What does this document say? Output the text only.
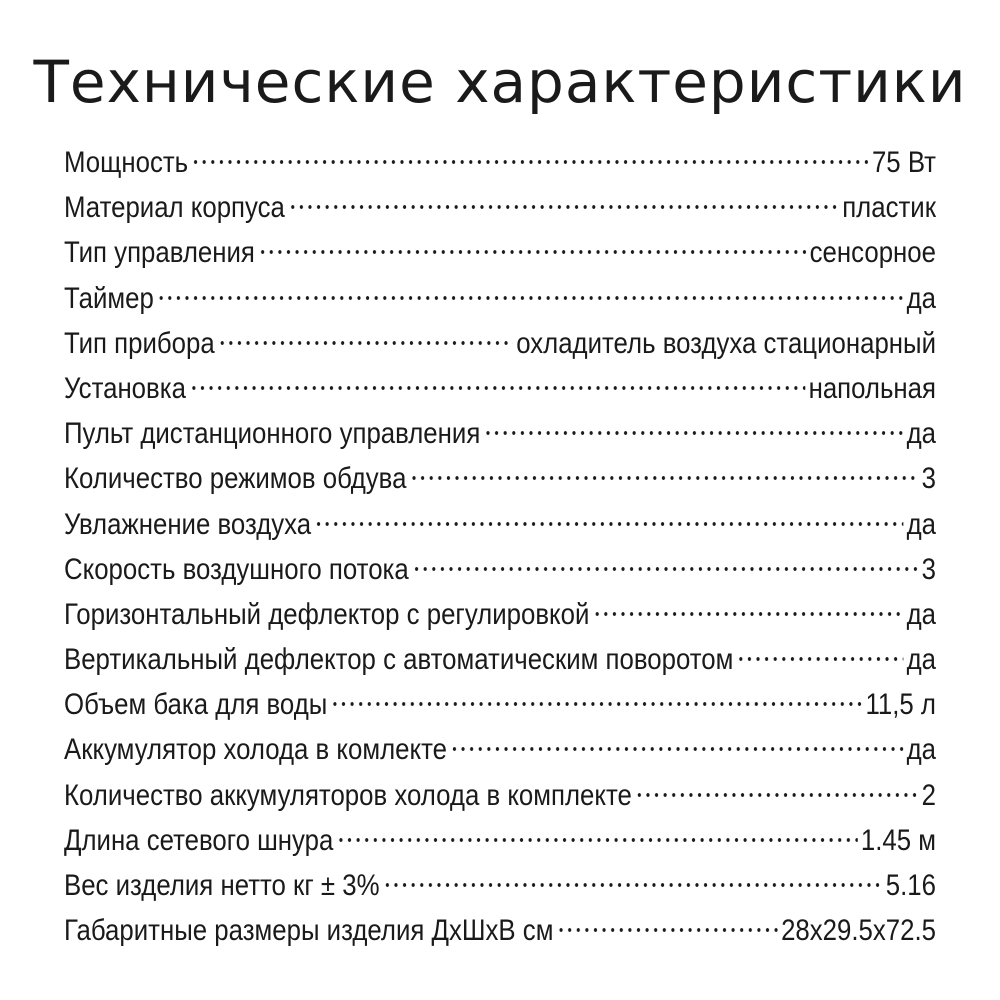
Технические характеристики
Мощность	75 Вт
Материал корпуса	пластик
Тип управления	сенсорное
Таймер	да
Тип прибора	охладитель воздуха стационарный
Установка	напольная
Пульт дистанционного управления	да
Количество режимов обдува	3
Увлажнение воздуха	да
Скорость воздушного потока	3
Горизонтальный дефлектор с регулировкой	да
Вертикальный дефлектор с автоматическим поворотом	да
Объем бака для воды	11,5 л
Аккумулятор холода в комлекте	да
Количество аккумуляторов холода в комплекте	2
Длина сетевого шнура	1.45 м
Вес изделия нетто кг ± 3%	5.16
Габаритные размеры изделия ДхШхВ см	28x29.5x72.5
